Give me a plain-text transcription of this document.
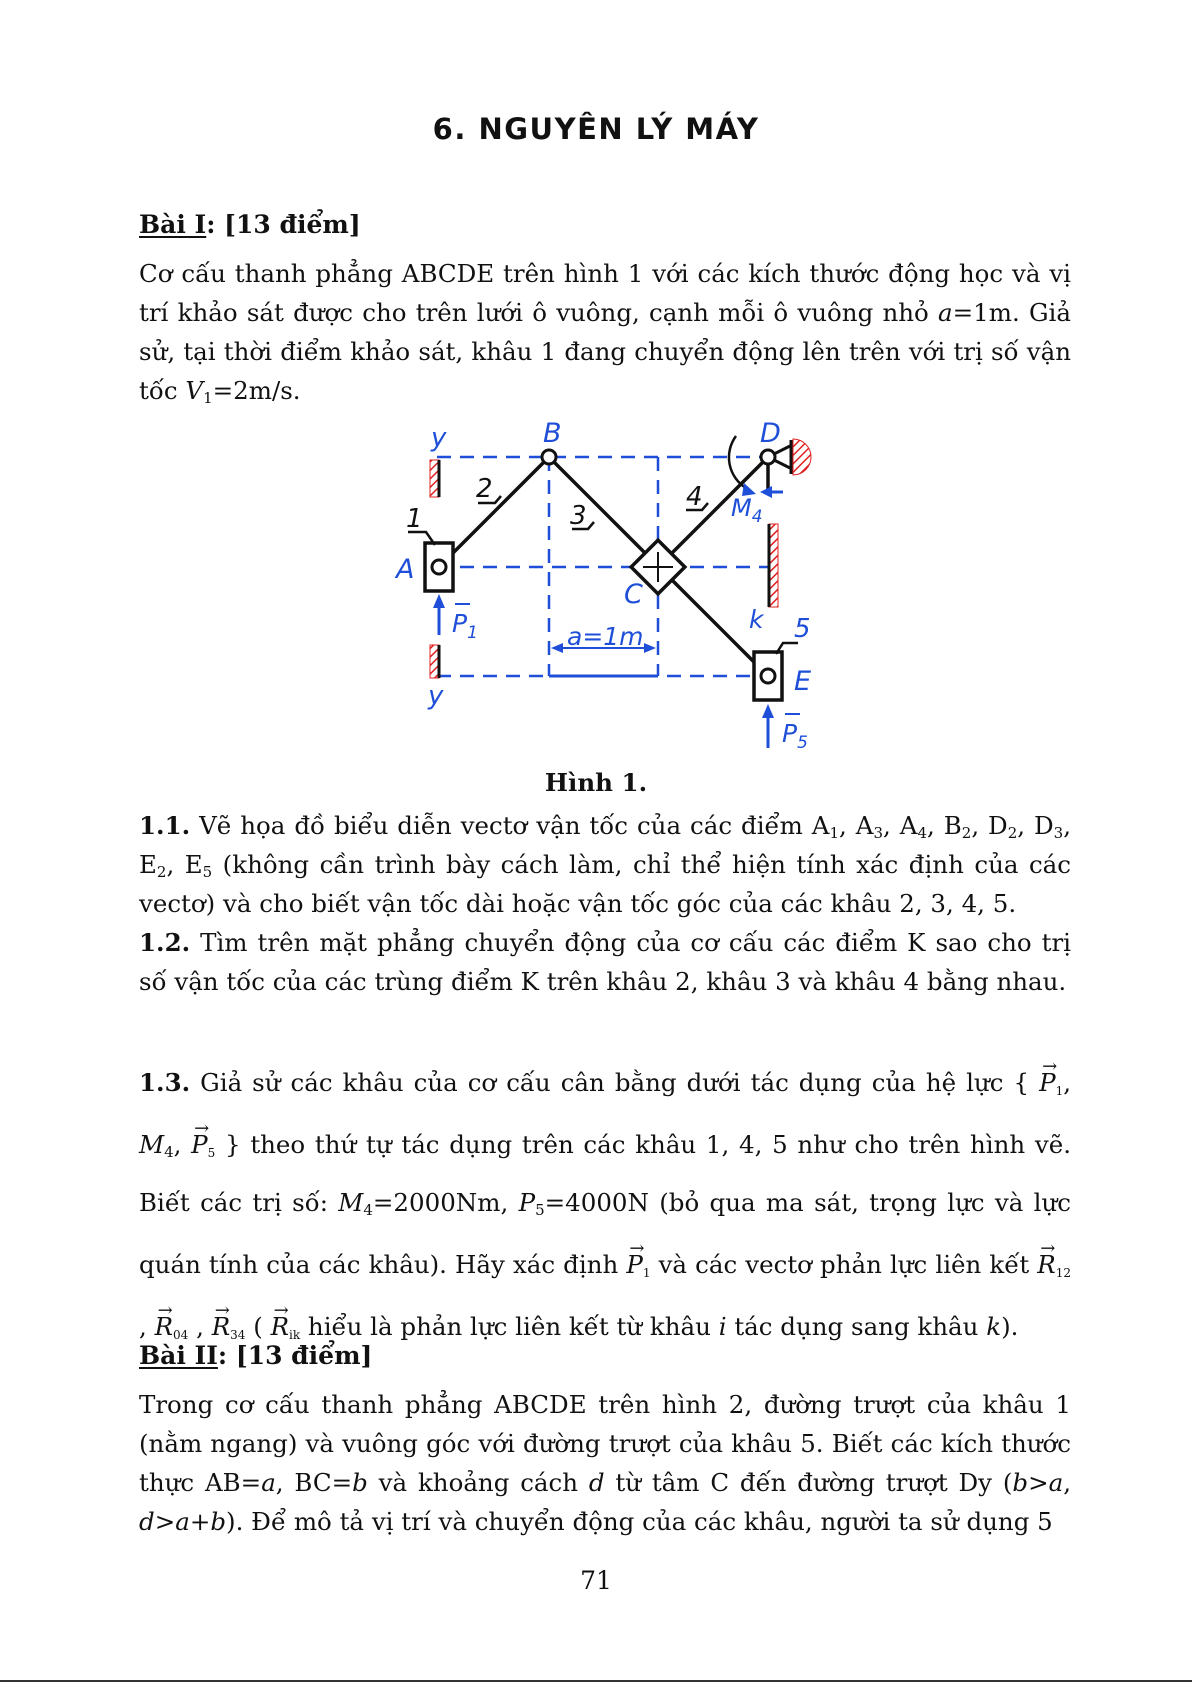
6. NGUYÊN LÝ MÁY
Bài I: [13 điểm]
Cơ cấu thanh phẳng ABCDE trên hình 1 với các kích thước động học và vị trí khảo sát được cho trên lưới ô vuông, cạnh mỗi ô vuông nhỏ a=1m. Giả sử, tại thời điểm khảo sát, khâu 1 đang chuyển động lên trên với trị số vận tốc $V_1=2m/s$.
y	B	D
1
2
3
4 $M_4$
A
C
$P_1$	a=1m
k 5
E
y
$P_5$
Hình 1.
1.1. Vẽ họa đồ biểu diễn vectơ vận tốc của các điểm $A_1$, $A_3$, $A_4$, $B_2$, $D_2$, $D_3$, $E_2$, $E_5$ (không cần trình bày cách làm, chỉ thể hiện tính xác định của các vectơ) và cho biết vận tốc dài hoặc vận tốc góc của các khâu 2, 3, 4, 5.
1.2. Tìm trên mặt phẳng chuyển động của cơ cấu các điểm K sao cho trị số vận tốc của các trùng điểm K trên khâu 2, khâu 3 và khâu 4 bằng nhau.
1.3. Giả sử các khâu của cơ cấu cân bằng dưới tác dụng của hệ lực { → $P_1$, $M_4$, → $P_5$ } theo thứ tự tác dụng trên các khâu 1, 4, 5 như cho trên hình vẽ. Biết các trị số: $M_4=2000Nm$, $P_5=4000N$ (bỏ qua ma sát, trọng lực và lực quán tính của các khâu). Hãy xác định → $P_1$ và các vectơ phản lực liên kết → $R_{12}$ , → $R_{04}$ , → $R_{34}$ ( → $R_{ik}$ hiểu là phản lực liên kết từ khâu i tác dụng sang khâu k).
Bài II: [13 điểm]
Trong cơ cấu thanh phẳng ABCDE trên hình 2, đường trượt của khâu 1 (nằm ngang) và vuông góc với đường trượt của khâu 5. Biết các kích thước thực AB=a, BC=b và khoảng cách d từ tâm C đến đường trượt Dy (b>a, d>a+b). Để mô tả vị trí và chuyển động của các khâu, người ta sử dụng 5
71
